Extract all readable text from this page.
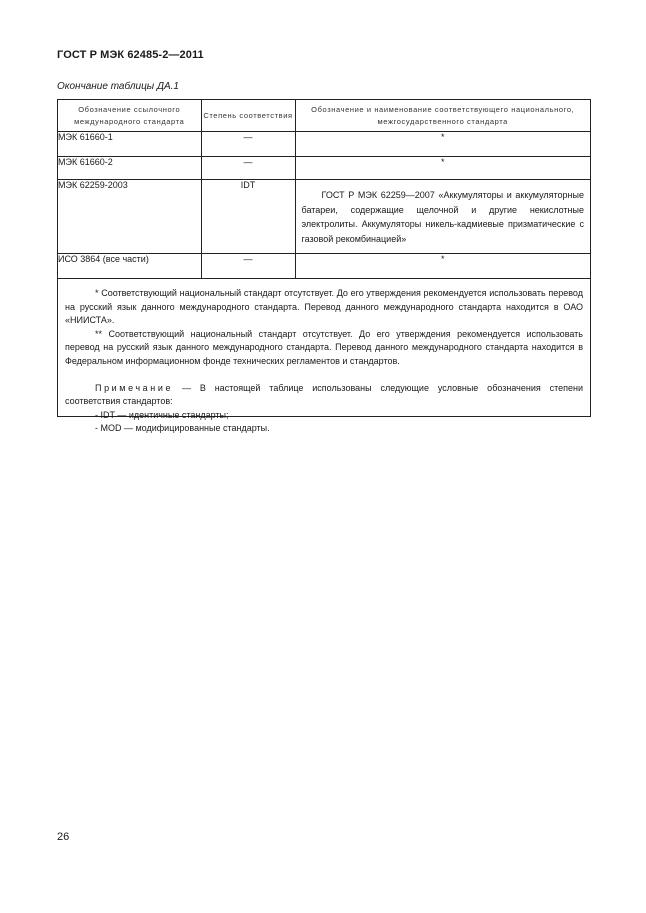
ГОСТ Р МЭК 62485-2—2011
Окончание таблицы ДА.1
Обозначение ссылочного международного стандарта	Степень соответствия	Обозначение и наименование соответствующего национального, межгосударственного стандарта
МЭК 61660-1	—	*
МЭК 61660-2	—	*
МЭК 62259-2003	IDT	ГОСТ Р МЭК 62259—2007 «Аккумуляторы и аккумуляторные батареи, содержащие щелочной и другие некислотные электролиты. Аккумуляторы никель-кадмиевые призматические с газовой рекомбинацией»
ИСО 3864 (все части)	—	*

* Соответствующий национальный стандарт отсутствует. До его утверждения рекомендуется использовать перевод на русский язык данного международного стандарта. Перевод данного международного стандарта находится в ОАО «НИИСТА».

** Соответствующий национальный стандарт отсутствует. До его утверждения рекомендуется использовать перевод на русский язык данного международного стандарта. Перевод данного международного стандарта находится в Федеральном информационном фонде технических регламентов и стандартов.

Примечание — В настоящей таблице использованы следующие условные обозначения степени соответствия стандартов:

- IDT — идентичные стандарты;

- MOD — модифицированные стандарты.

26
